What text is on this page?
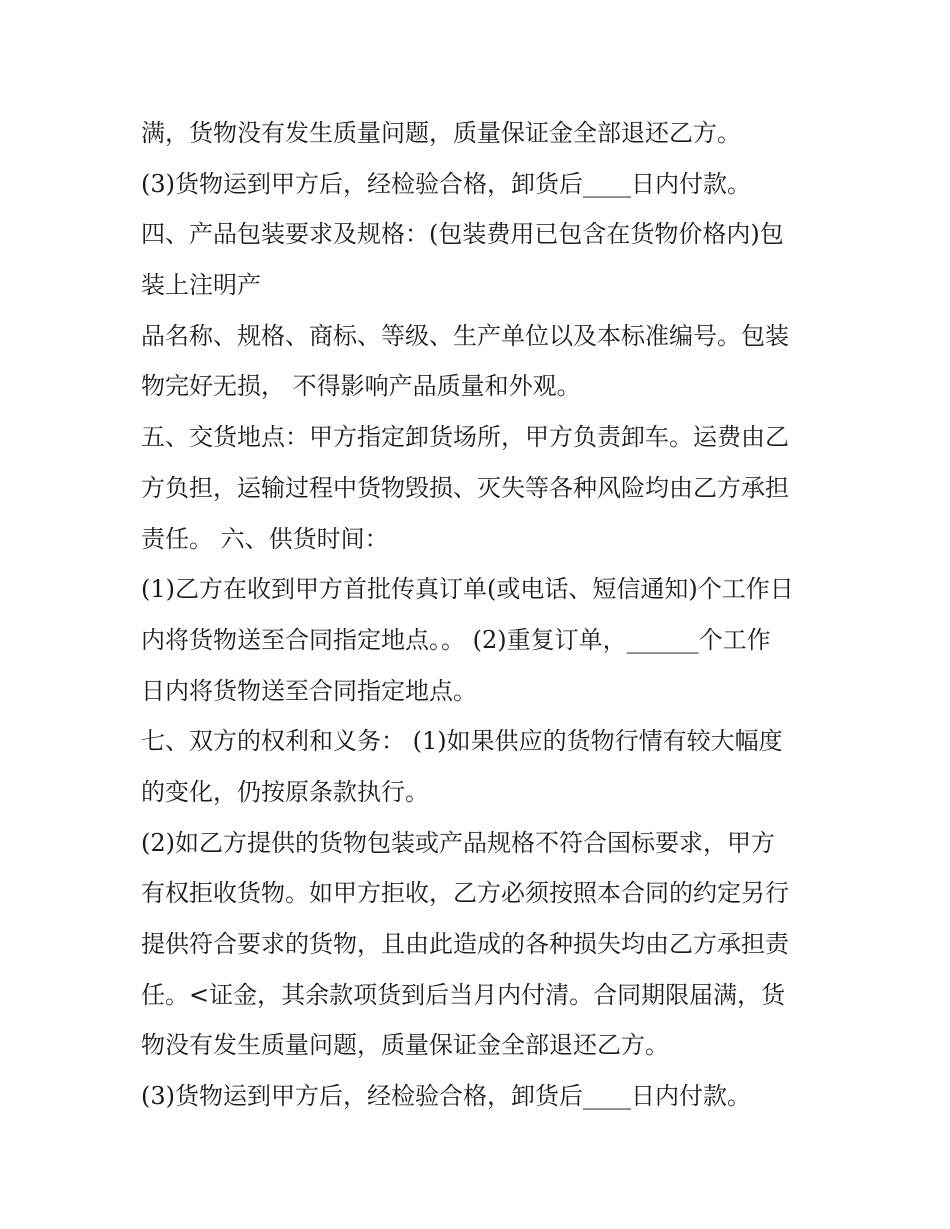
满，货物没有发生质量问题，质量保证金全部退还乙方。
(3)货物运到甲方后，经检验合格，卸货后____日内付款。
四、产品包装要求及规格：(包装费用已包含在货物价格内)包
装上注明产
品名称、规格、商标、等级、生产单位以及本标准编号。包装
物完好无损， 不得影响产品质量和外观。
五、交货地点：甲方指定卸货场所，甲方负责卸车。运费由乙
方负担，运输过程中货物毁损、灭失等各种风险均由乙方承担
责任。 六、供货时间：
(1)乙方在收到甲方首批传真订单(或电话、短信通知)个工作日
内将货物送至合同指定地点。。 (2)重复订单，______个工作
日内将货物送至合同指定地点。
七、双方的权利和义务： (1)如果供应的货物行情有较大幅度
的变化，仍按原条款执行。
(2)如乙方提供的货物包装或产品规格不符合国标要求，甲方
有权拒收货物。如甲方拒收，乙方必须按照本合同的约定另行
提供符合要求的货物，且由此造成的各种损失均由乙方承担责
任。<证金，其余款项货到后当月内付清。合同期限届满，货
物没有发生质量问题，质量保证金全部退还乙方。
(3)货物运到甲方后，经检验合格，卸货后____日内付款。
